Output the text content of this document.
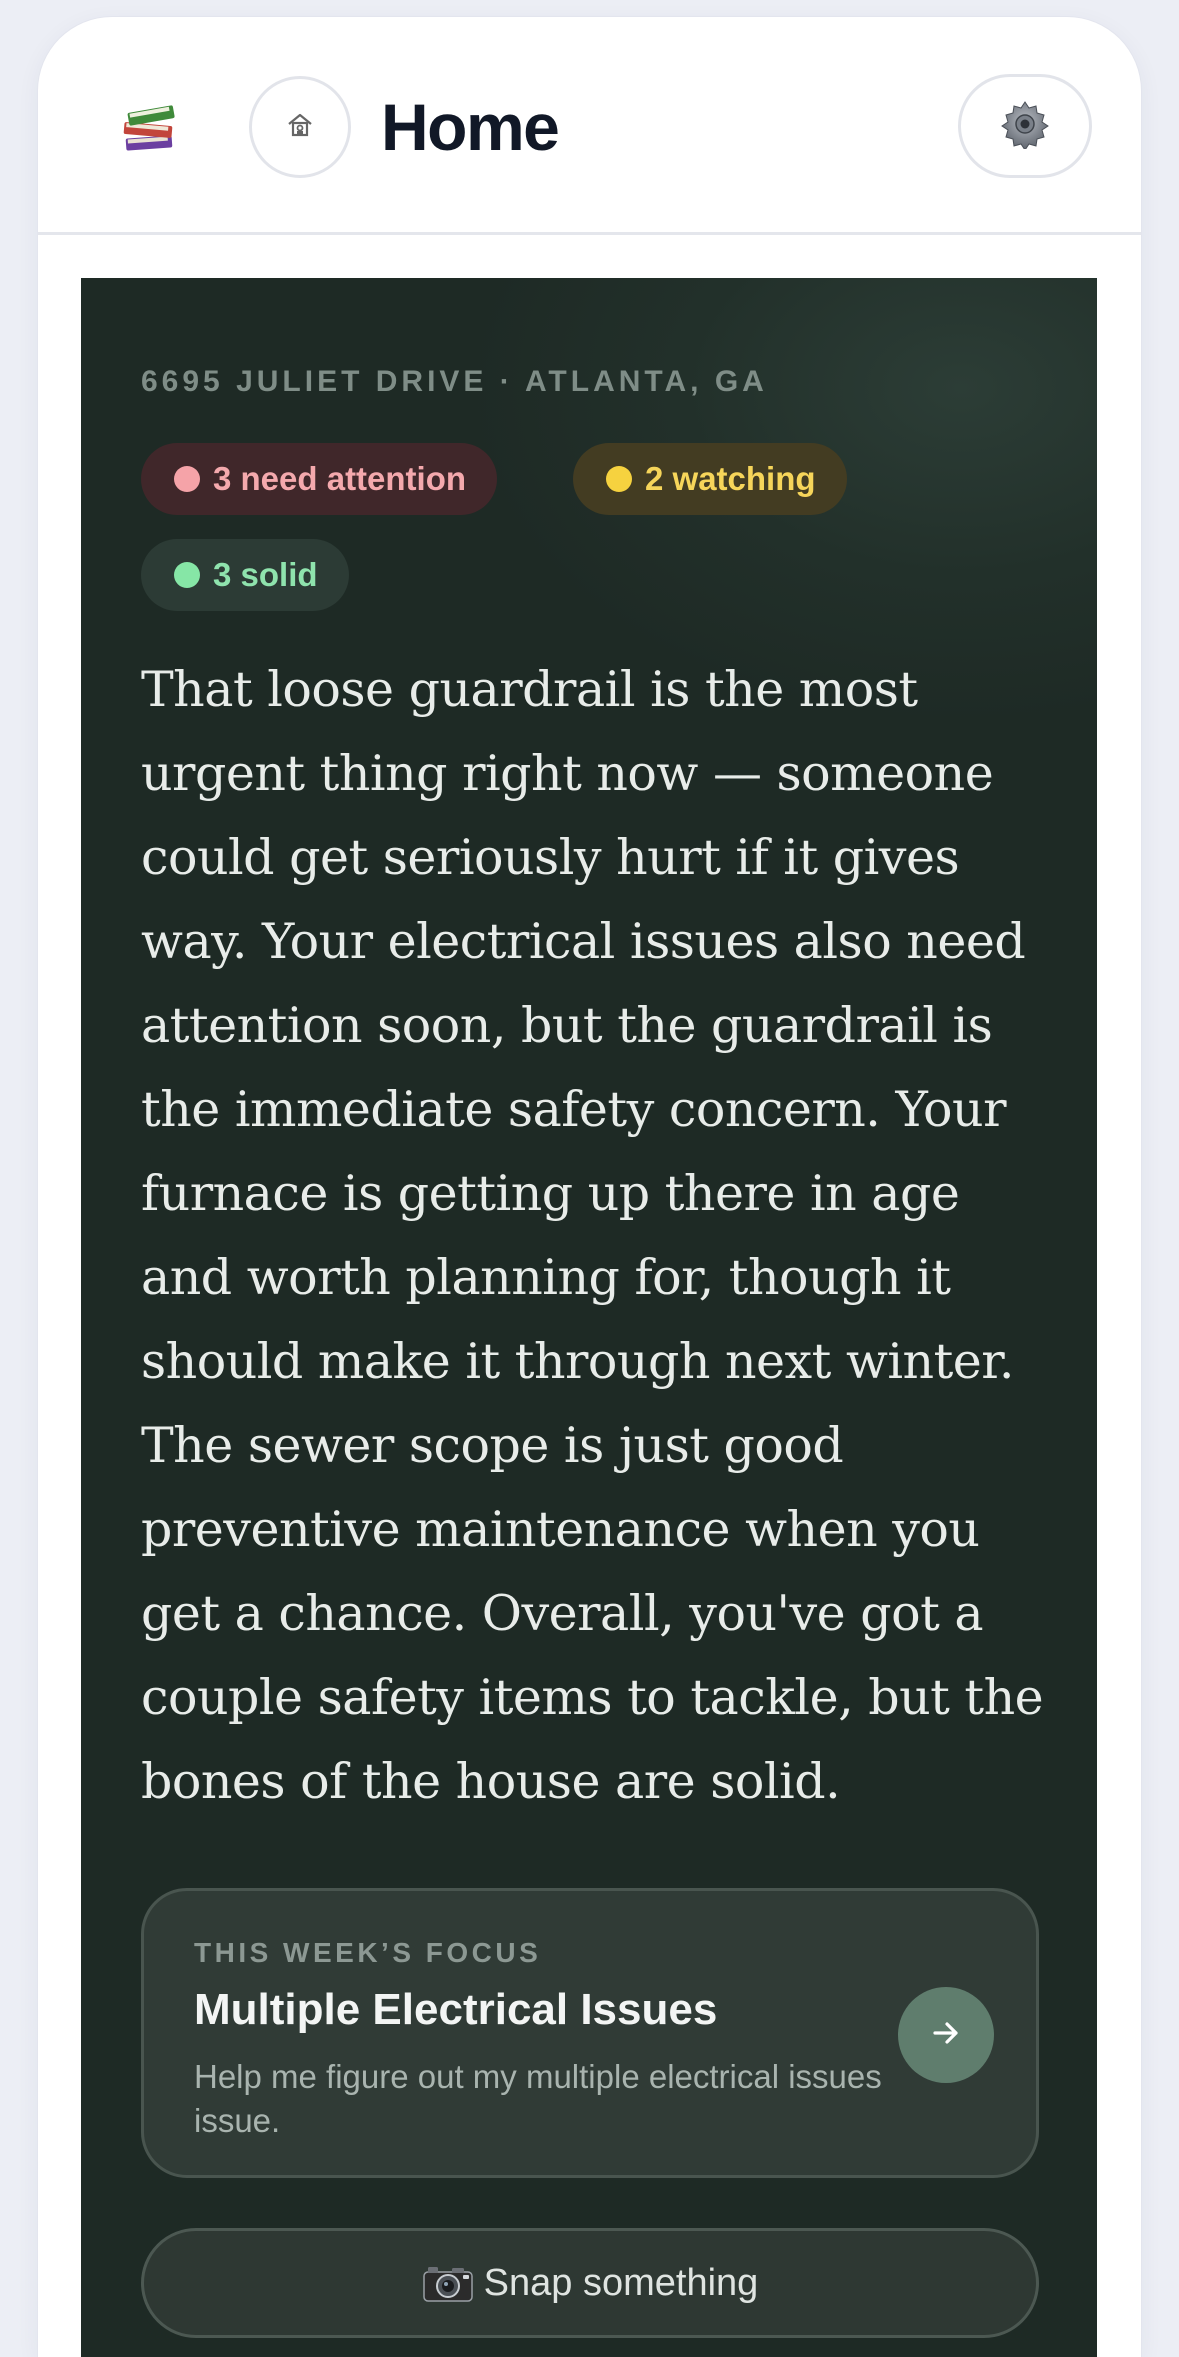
Home
6695 JULIET DRIVE · ATLANTA, GA
3 need attention	2 watching
3 solid

That loose guardrail is the most urgent thing right now — someone could get seriously hurt if it gives way. Your electrical issues also need attention soon, but the guardrail is the immediate safety concern. Your furnace is getting up there in age and worth planning for, though it should make it through next winter. The sewer scope is just good preventive maintenance when you get a chance. Overall, you've got a couple safety items to tackle, but the bones of the house are solid.

THIS WEEK’S FOCUS
Multiple Electrical Issues
Help me figure out my multiple electrical issues issue.
Snap something
